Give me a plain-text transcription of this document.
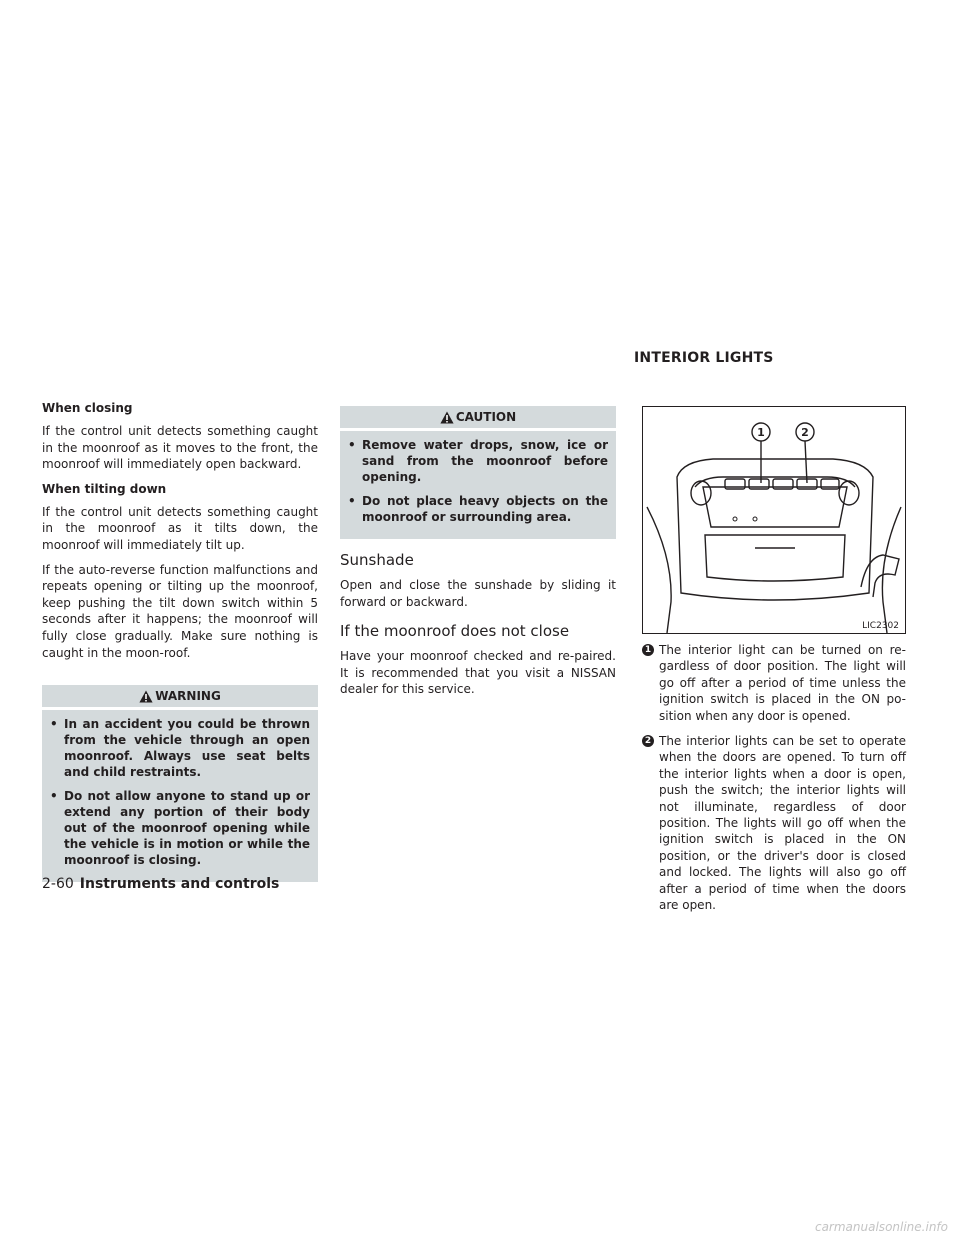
INTERIOR LIGHTS
When closing

If the control unit detects something caught in the moonroof as it moves to the front, the moonroof will immediately open backward.

When tilting down

If the control unit detects something caught in the moonroof as it tilts down, the moonroof will immediately tilt up.

If the auto-reverse function malfunctions and repeats opening or tilting up the moonroof, keep pushing the tilt down switch within 5 seconds after it happens; the moonroof will fully close gradually. Make sure nothing is caught in the moon-roof.

WARNING
• In an accident you could be thrown from the vehicle through an open moonroof. Always use seat belts and child restraints.
• Do not allow anyone to stand up or extend any portion of their body out of the moonroof opening while the vehicle is in motion or while the moonroof is closing.
CAUTION
• Remove water drops, snow, ice or sand from the moonroof before opening.
• Do not place heavy objects on the moonroof or surrounding area.
Sunshade

Open and close the sunshade by sliding it forward or backward.

If the moonroof does not close

Have your moonroof checked and re-paired. It is recommended that you visit a NISSAN dealer for this service.

1	2
LIC2302
1 The interior light can be turned on re-gardless of door position. The light will go off after a period of time unless the ignition switch is placed in the ON po-sition when any door is opened.
2 The interior lights can be set to operate when the doors are opened. To turn off the interior lights when a door is open, push the switch; the interior lights will not illuminate, regardless of door position. The lights will go off when the ignition switch is placed in the ON position, or the driver's door is closed and locked. The lights will also go off after a period of time when the doors are open.
2-60 Instruments and controls
carmanualsonline.info
